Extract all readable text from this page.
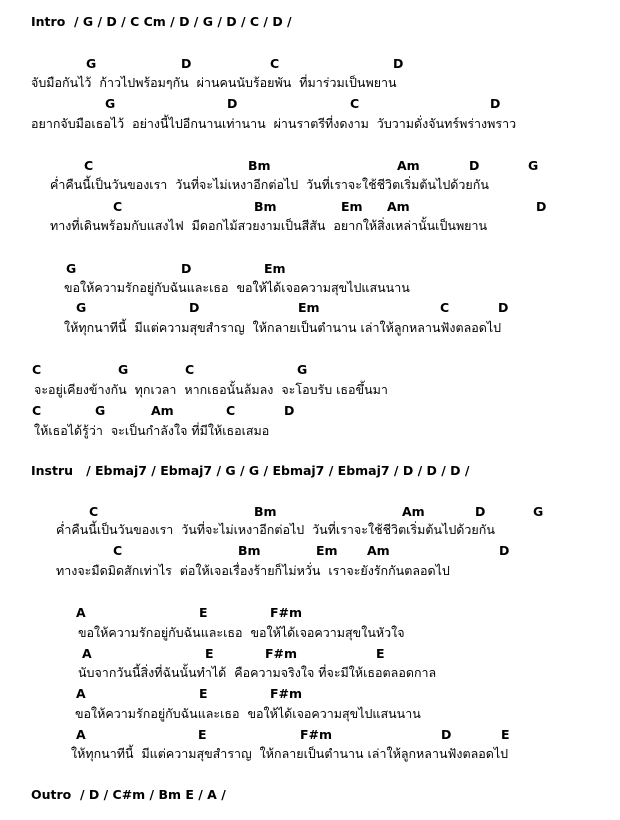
Intro  / G / D / C Cm / D / G / D / C / D /
Instru   / Ebmaj7 / Ebmaj7 / G / G / Ebmaj7 / Ebmaj7 / D / D / D /
Outro  / D / C#m / Bm E / A /

G

	D

	C

	D

จับมือกันไว้  ก้าวไปพร้อมๆกัน  ผ่านคนนับร้อยพัน  ที่มาร่วมเป็นพยาน

G

	D

	C

	D

อยากจับมือเธอไว้  อย่างนี้ไปอีกนานเท่านาน  ผ่านราตรีที่งดงาม  วับวามดั่งจันทร์พร่างพราว

C

	Bm

	Am

	D

	G

ค่ำคืนนี้เป็นวันของเรา  วันที่จะไม่เหงาอีกต่อไป  วันที่เราจะใช้ชีวิตเริ่มต้นไปด้วยกัน

C

	Bm

	Em

Am

	D

ทางที่เดินพร้อมกับแสงไฟ  มีดอกไม้สวยงามเป็นสีสัน  อยากให้สิ่งเหล่านั้นเป็นพยาน

G

	D

	Em

ขอให้ความรักอยู่กับฉันและเธอ  ขอให้ได้เจอความสุขไปแสนนาน

G

	D

	Em

	C

	D

ให้ทุกนาทีนี้  มีแต่ความสุขสำราญ  ให้กลายเป็นตำนาน เล่าให้ลูกหลานฟังตลอดไป

C

	G

	C

	G

จะอยู่เคียงข้างกัน  ทุกเวลา  หากเธอนั้นล้มลง  จะโอบรับ เธอขึ้นมา

C

	G

	Am

	C

	D

ให้เธอได้รู้ว่า  จะเป็นกำลังใจ ที่มีให้เธอเสมอ

C

	Bm

	Am

	D

	G

ค่ำคืนนี้เป็นวันของเรา  วันที่จะไม่เหงาอีกต่อไป  วันที่เราจะใช้ชีวิตเริ่มต้นไปด้วยกัน

C

	Bm

	Em

Am

	D

ทางจะมืดมิดสักเท่าไร  ต่อให้เจอเรื่องร้ายก็ไม่หวั่น  เราจะยังรักกันตลอดไป

A

	E

	F#m

ขอให้ความรักอยู่กับฉันและเธอ  ขอให้ได้เจอความสุขในหัวใจ

A

	E

	F#m

	E

นับจากวันนี้สิ่งที่ฉันนั้นทำได้  คือความจริงใจ ที่จะมีให้เธอตลอดกาล

A

	E

	F#m

ขอให้ความรักอยู่กับฉันและเธอ  ขอให้ได้เจอความสุขไปแสนนาน

A

	E

	F#m

	D

	E

ให้ทุกนาทีนี้  มีแต่ความสุขสำราญ  ให้กลายเป็นตำนาน เล่าให้ลูกหลานฟังตลอดไป
